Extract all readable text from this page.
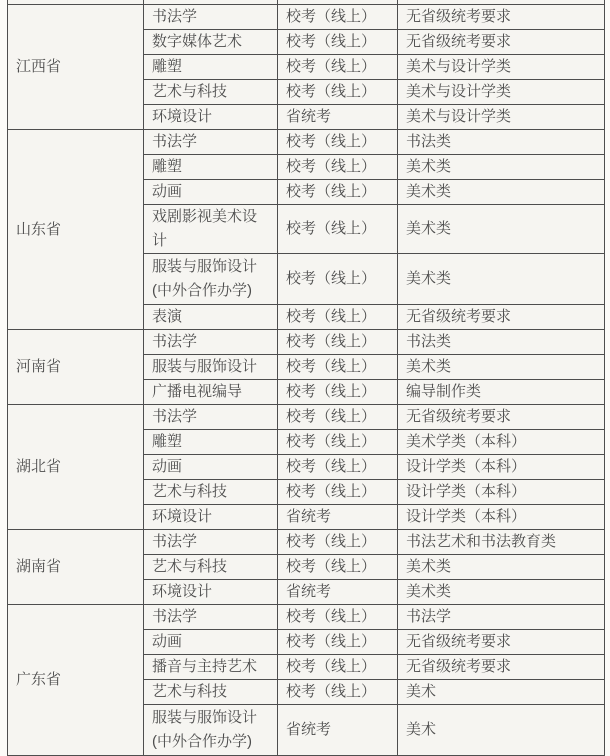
江西省	书法学	校考（线上）	无省级统考要求
	数字媒体艺术	校考（线上）	无省级统考要求
	雕塑	校考（线上）	美术与设计学类
	艺术与科技	校考（线上）	美术与设计学类
	环境设计	省统考	美术与设计学类
山东省	书法学	校考（线上）	书法类
	雕塑	校考（线上）	美术类
	动画	校考（线上）	美术类
	戏剧影视美术设计	校考（线上）	美术类
	服装与服饰设计(中外合作办学)	校考（线上）	美术类
	表演	校考（线上）	无省级统考要求
河南省	书法学	校考（线上）	书法类
	服装与服饰设计	校考（线上）	美术类
	广播电视编导	校考（线上）	编导制作类
湖北省	书法学	校考（线上）	无省级统考要求
	雕塑	校考（线上）	美术学类（本科）
	动画	校考（线上）	设计学类（本科）
	艺术与科技	校考（线上）	设计学类（本科）
	环境设计	省统考	设计学类（本科）
湖南省	书法学	校考（线上）	书法艺术和书法教育类
	艺术与科技	校考（线上）	美术类
	环境设计	省统考	美术类
广东省	书法学	校考（线上）	书法学
	动画	校考（线上）	无省级统考要求
	播音与主持艺术	校考（线上）	无省级统考要求
	艺术与科技	校考（线上）	美术
	服装与服饰设计(中外合作办学)	省统考	美术
